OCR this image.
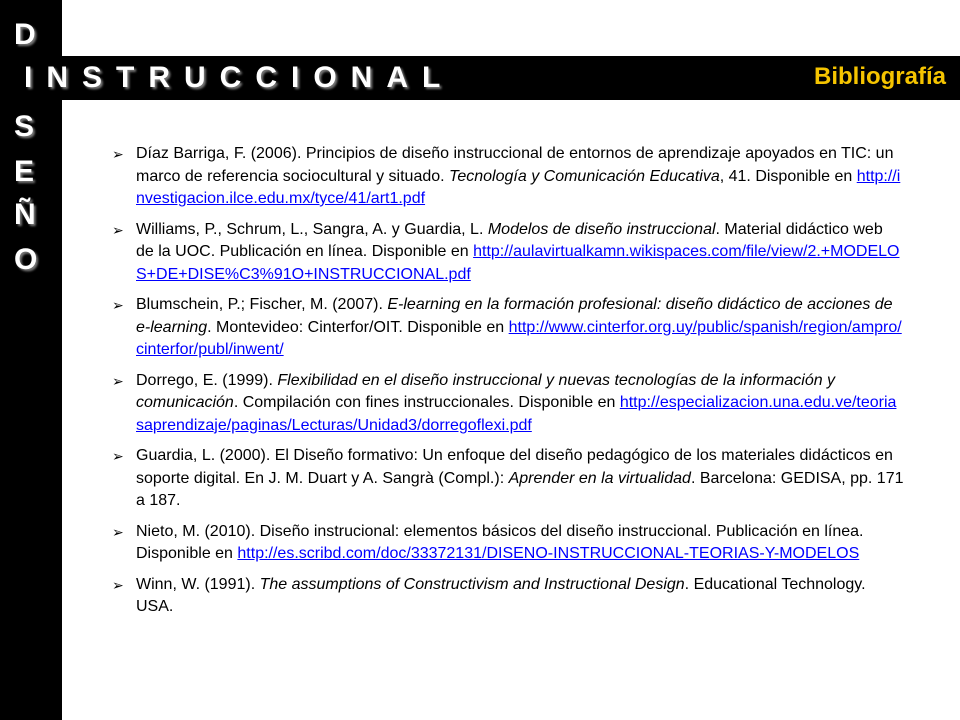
D
INSTRUCCIONAL
S
E
Ñ
O
Bibliografía
➢ Díaz Barriga, F. (2006). Principios de diseño instruccional de entornos de aprendizaje apoyados en TIC: un marco de referencia sociocultural y situado. Tecnología y Comunicación Educativa, 41. Disponible en http://investigacion.ilce.edu.mx/tyce/41/art1.pdf
➢ Williams, P., Schrum, L., Sangra, A. y Guardia, L. Modelos de diseño instruccional. Material didáctico web de la UOC. Publicación en línea. Disponible en http://aulavirtualkamn.wikispaces.com/file/view/2.+MODELOS+DE+DISE%C3%91O+INSTRUCCIONAL.pdf
➢ Blumschein, P.; Fischer, M. (2007). E-learning en la formación profesional: diseño didáctico de acciones de e-learning. Montevideo: Cinterfor/OIT. Disponible en http://www.cinterfor.org.uy/public/spanish/region/ampro/cinterfor/publ/inwent/
➢ Dorrego, E. (1999). Flexibilidad en el diseño instruccional y nuevas tecnologías de la información y comunicación. Compilación con fines instruccionales. Disponible en http://especializacion.una.edu.ve/teoriasaprendizaje/paginas/Lecturas/Unidad3/dorregoflexi.pdf
➢ Guardia, L. (2000). El Diseño formativo: Un enfoque del diseño pedagógico de los materiales didácticos en soporte digital. En J. M. Duart y A. Sangrà (Compl.): Aprender en la virtualidad. Barcelona: GEDISA, pp. 171 a 187.
➢ Nieto, M. (2010). Diseño instrucional: elementos básicos del diseño instruccional. Publicación en línea. Disponible en http://es.scribd.com/doc/33372131/DISENO-INSTRUCCIONAL-TEORIAS-Y-MODELOS
➢ Winn, W. (1991). The assumptions of Constructivism and Instructional Design. Educational Technology. USA.
